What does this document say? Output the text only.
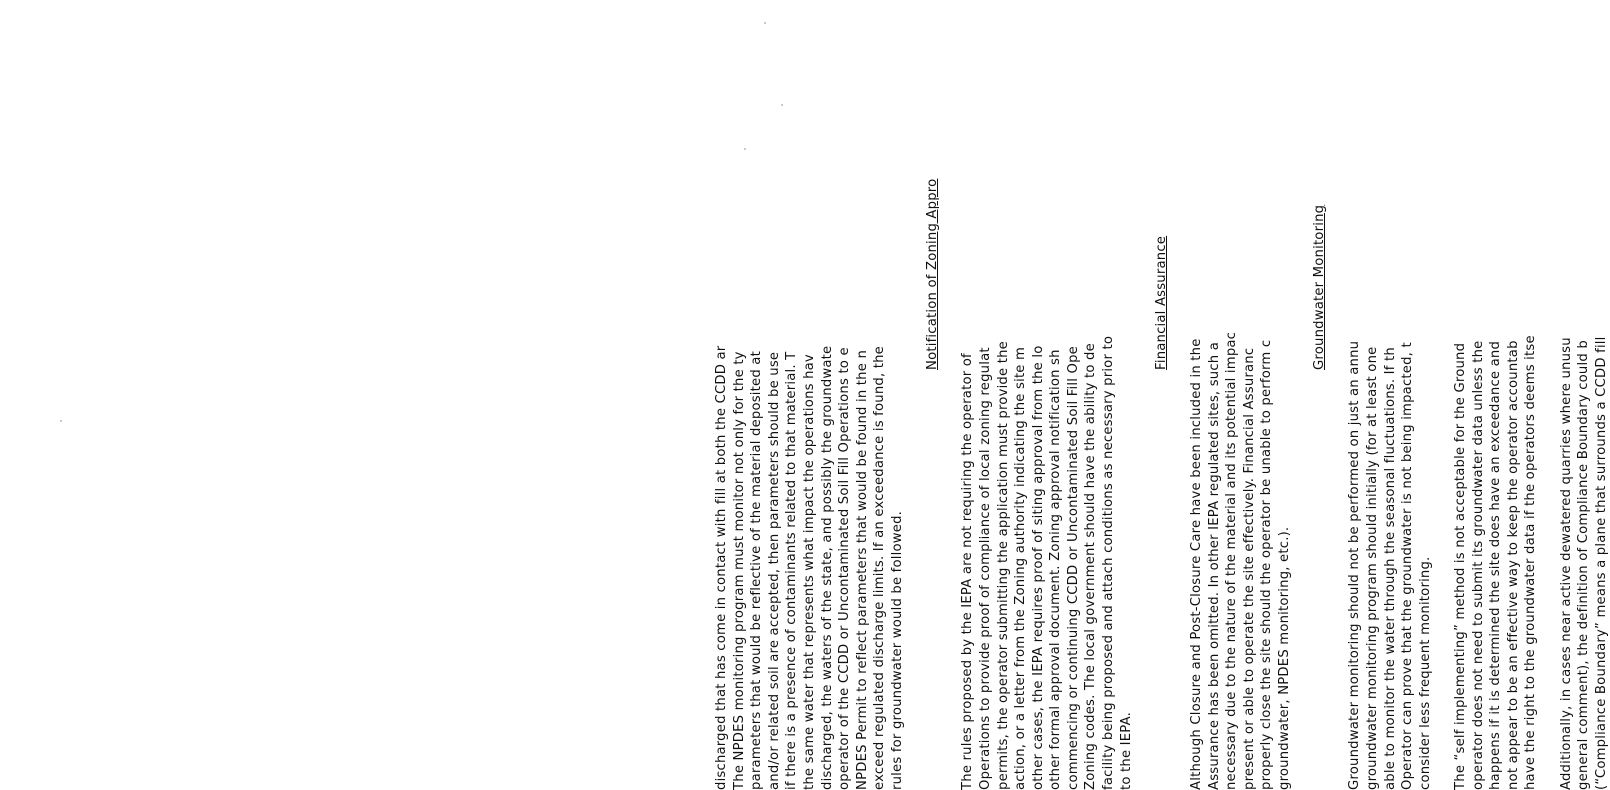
discharged that has come in contact with fill at both the CCDD ar The NPDES monitoring program must monitor not only for the ty parameters that would be reflective of the material deposited at and/or related soil are accepted, then parameters should be use if there is a presence of contaminants related to that material. T the same water that represents what impact the operations hav discharged, the waters of the state, and possibly the groundwate operator of the CCDD or Uncontaminated Soil Fill Operations to e NPDES Permit to reflect parameters that would be found in the n exceed regulated discharge limits. If an exceedance is found, the rules for groundwater would be followed.
Notification of Zoning Appro
The rules proposed by the IEPA are not requiring the operator of Operations to provide proof of compliance of local zoning regulat permits, the operator submitting the application must provide the action, or a letter from the Zoning authority indicating the site m other cases, the IEPA requires proof of siting approval from the lo other formal approval document. Zoning approval notification sh commencing or continuing CCDD or Uncontaminated Soil Fill Ope Zoning codes. The local government should have the ability to de facility being proposed and attach conditions as necessary prior to to the IEPA.
Financial Assurance
Although Closure and Post-Closure Care have been included in the Assurance has been omitted. In other IEPA regulated sites, such a necessary due to the nature of the material and its potential impac present or able to operate the site effectively. Financial Assuranc properly close the site should the operator be unable to perform c groundwater, NPDES monitoring, etc.).
Groundwater Monitoring
Groundwater monitoring should not be performed on just an annu groundwater monitoring program should initially (for at least one able to monitor the water through the seasonal fluctuations. If th Operator can prove that the groundwater is not being impacted, t consider less frequent monitoring. The “self implementing” method is not acceptable for the Ground operator does not need to submit its groundwater data unless the happens if it is determined the site does have an exceedance and not appear to be an effective way to keep the operator accountab have the right to the groundwater data if the operators deems itse Additionally, in cases near active dewatered quarries where unusu general comment), the definition of Compliance Boundary could b (“Compliance Boundary” means a plane that surrounds a CCDD fill
